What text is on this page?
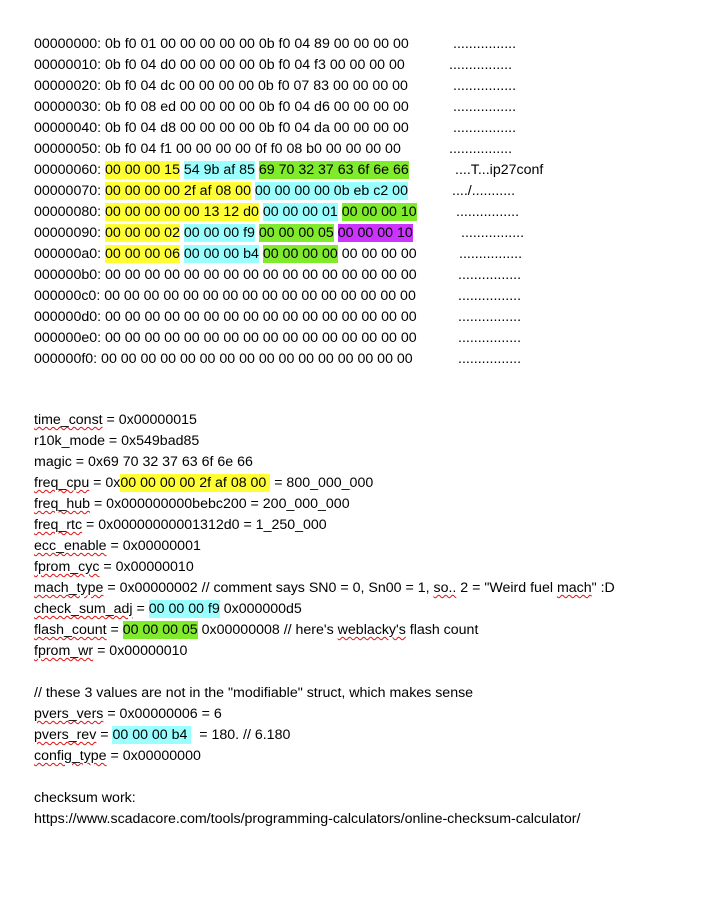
00000000: 0b f0 01 00 00 00 00 00 0b f0 04 89 00 00 00 00	................
00000010: 0b f0 04 d0 00 00 00 00 0b f0 04 f3 00 00 00 00	................
00000020: 0b f0 04 dc 00 00 00 00 0b f0 07 83 00 00 00 00	................
00000030: 0b f0 08 ed 00 00 00 00 0b f0 04 d6 00 00 00 00	................
00000040: 0b f0 04 d8 00 00 00 00 0b f0 04 da 00 00 00 00	................
00000050: 0b f0 04 f1 00 00 00 00 0f f0 08 b0 00 00 00 00	................
00000060: 00 00 00 15 54 9b af 85 69 70 32 37 63 6f 6e 66	....T...ip27conf
00000070: 00 00 00 00 2f af 08 00 00 00 00 00 0b eb c2 00	..../...........
00000080: 00 00 00 00 00 13 12 d0 00 00 00 01 00 00 00 10	................
00000090: 00 00 00 02 00 00 00 f9 00 00 00 05 00 00 00 10	................
000000a0: 00 00 00 06 00 00 00 b4 00 00 00 00 00 00 00 00	................
000000b0: 00 00 00 00 00 00 00 00 00 00 00 00 00 00 00 00	................
000000c0: 00 00 00 00 00 00 00 00 00 00 00 00 00 00 00 00	................
000000d0: 00 00 00 00 00 00 00 00 00 00 00 00 00 00 00 00	................
000000e0: 00 00 00 00 00 00 00 00 00 00 00 00 00 00 00 00	................
000000f0: 00 00 00 00 00 00 00 00 00 00 00 00 00 00 00 00	................
time_const = 0x00000015
r10k_mode = 0x549bad85
magic = 0x69 70 32 37 63 6f 6e 66
freq_cpu = 0x00 00 00 00 2f af 08 00  = 800_000_000
freq_hub = 0x000000000bebc200 = 200_000_000
freq_rtc = 0x00000000001312d0 = 1_250_000
ecc_enable = 0x00000001
fprom_cyc = 0x00000010
mach_type = 0x00000002 // comment says SN0 = 0, Sn00 = 1, so.. 2 = "Weird fuel mach" :D
check_sum_adj = 00 00 00 f9 0x000000d5
flash_count = 00 00 00 05 0x00000008 // here's weblacky's flash count
fprom_wr = 0x00000010
// these 3 values are not in the "modifiable" struct, which makes sense
pvers_vers = 0x00000006 = 6
pvers_rev = 00 00 00 b4   = 180. // 6.180
config_type = 0x00000000
checksum work:
https://www.scadacore.com/tools/programming-calculators/online-checksum-calculator/
